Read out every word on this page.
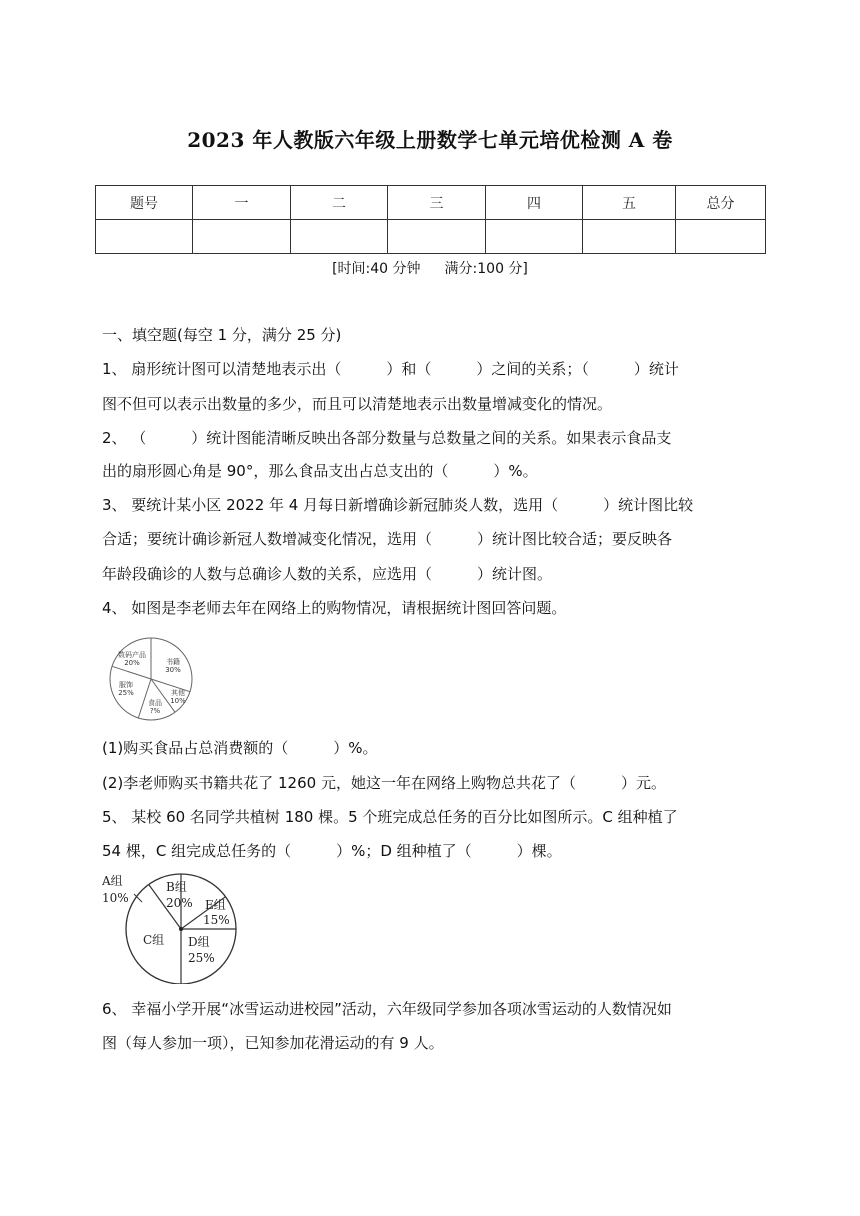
2023 年人教版六年级上册数学七单元培优检测 A 卷
题号	一	二	三	四	五	总分

[时间:40 分钟 满分:100 分]
一、填空题(每空 1 分，满分 25 分)
1、 扇形统计图可以清楚地表示出（　　　）和（　　　）之间的关系；（　　　）统计
图不但可以表示出数量的多少，而且可以清楚地表示出数量增减变化的情况。
2、 （　　　）统计图能清晰反映出各部分数量与总数量之间的关系。如果表示食品支
出的扇形圆心角是 90°，那么食品支出占总支出的（　　　）%。
3、 要统计某小区 2022 年 4 月每日新增确诊新冠肺炎人数，选用（　　　）统计图比较
合适；要统计确诊新冠人数增减变化情况，选用（　　　）统计图比较合适；要反映各
年龄段确诊的人数与总确诊人数的关系，应选用（　　　）统计图。
4、 如图是李老师去年在网络上的购物情况，请根据统计图回答问题。
数码产品
20%	书籍
30%
其他
10%
食品
?%
服饰
25%
(1)购买食品占总消费额的（　　　）%。
(2)李老师购买书籍共花了 1260 元，她这一年在网络上购物总共花了（　　　）元。
5、 某校 60 名同学共植树 180 棵。5 个班完成总任务的百分比如图所示。C 组种植了
54 棵，C 组完成总任务的（　　　）%；D 组种植了（　　　）棵。
A组
10%
B组
20% E组
15%
C组 D组
25%
6、 幸福小学开展“冰雪运动进校园”活动，六年级同学参加各项冰雪运动的人数情况如
图（每人参加一项），已知参加花滑运动的有 9 人。
